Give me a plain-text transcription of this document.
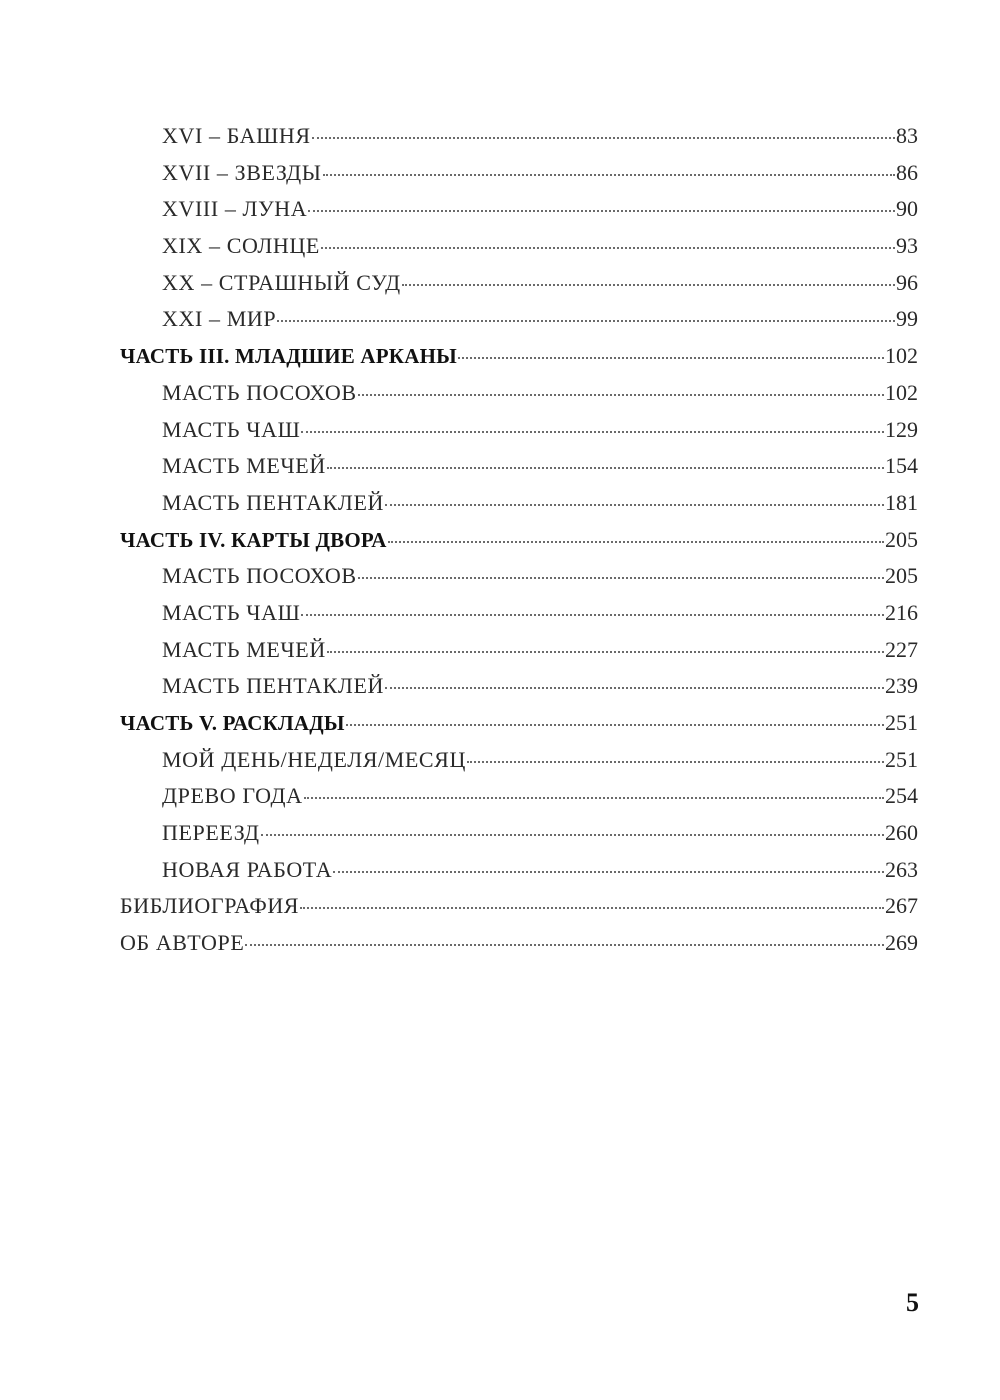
XVI – БАШНЯ	83
XVII – ЗВЕЗДЫ	86
XVIII – ЛУНА	90
XIX – СОЛНЦЕ	93
XX – СТРАШНЫЙ СУД	96
XXI – МИР	99
ЧАСТЬ III. МЛАДШИЕ АРКАНЫ	102
МАСТЬ ПОСОХОВ	102
МАСТЬ ЧАШ	129
МАСТЬ МЕЧЕЙ	154
МАСТЬ ПЕНТАКЛЕЙ	181
ЧАСТЬ IV. КАРТЫ ДВОРА	205
МАСТЬ ПОСОХОВ	205
МАСТЬ ЧАШ	216
МАСТЬ МЕЧЕЙ	227
МАСТЬ ПЕНТАКЛЕЙ	239
ЧАСТЬ V. РАСКЛАДЫ	251
МОЙ ДЕНЬ/НЕДЕЛЯ/МЕСЯЦ	251
ДРЕВО ГОДА	254
ПЕРЕЕЗД	260
НОВАЯ РАБОТА	263
БИБЛИОГРАФИЯ	267
ОБ АВТОРЕ	269
5
